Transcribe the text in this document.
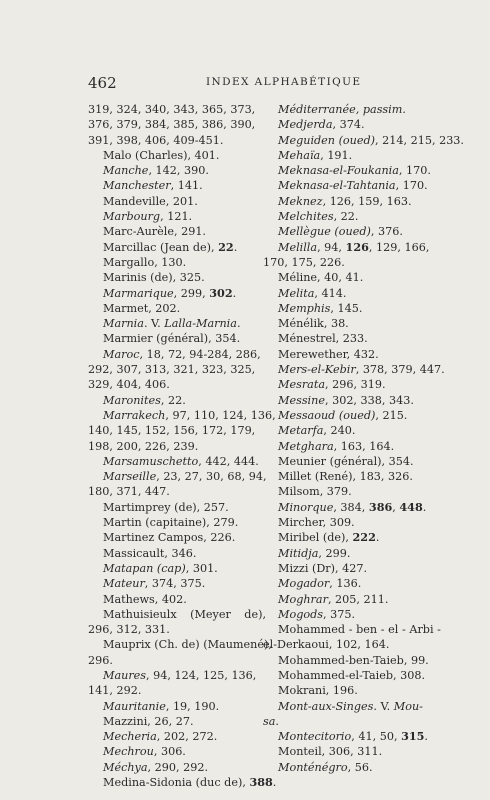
462	INDEX ALPHABÉTIQUE
319, 324, 340, 343, 365, 373,
376, 379, 384, 385, 386, 390,
391, 398, 406, 409-451.
Malo (Charles), 401.
Manche, 142, 390.
Manchester, 141.
Mandeville, 201.
Marbourg, 121.
Marc-Aurèle, 291.
Marcillac (Jean de), 22.
Margallo, 130.
Marinis (de), 325.
Marmarique, 299, 302.
Marmet, 202.
Marnia. V. Lalla-Marnia.
Marmier (général), 354.
Maroc, 18, 72, 94-284, 286,
292, 307, 313, 321, 323, 325,
329, 404, 406.
Maronites, 22.
Marrakech, 97, 110, 124, 136,
140, 145, 152, 156, 172, 179,
198, 200, 226, 239.
Marsamuschetto, 442, 444.
Marseille, 23, 27, 30, 68, 94,
180, 371, 447.
Martimprey (de), 257.
Martin (capitaine), 279.
Martinez Campos, 226.
Massicault, 346.
Matapan (cap), 301.
Mateur, 374, 375.
Mathews, 402.
Mathuisieulx (Meyer de),
296, 312, 331.
Mauprix (Ch. de) (Maumené),
296.
Maures, 94, 124, 125, 136,
141, 292.
Mauritanie, 19, 190.
Mazzini, 26, 27.
Mecheria, 202, 272.
Mechrou, 306.
Méchya, 290, 292.
Medina-Sidonia (duc de), 388.
Méditerranée, passim.
Medjerda, 374.
Meguiden (oued), 214, 215, 233.
Mehaïa, 191.
Meknasa-el-Foukania, 170.
Meknasa-el-Tahtania, 170.
Meknez, 126, 159, 163.
Melchites, 22.
Mellègue (oued), 376.
Melilla, 94, 126, 129, 166,
170, 175, 226.
Méline, 40, 41.
Melita, 414.
Memphis, 145.
Ménélik, 38.
Ménestrel, 233.
Merewether, 432.
Mers-el-Kebir, 378, 379, 447.
Mesrata, 296, 319.
Messine, 302, 338, 343.
Messaoud (oued), 215.
Metarfa, 240.
Metghara, 163, 164.
Meunier (général), 354.
Millet (René), 183, 326.
Milsom, 379.
Minorque, 384, 386, 448.
Mircher, 309.
Miribel (de), 222.
Mitidja, 299.
Mizzi (Dr), 427.
Mogador, 136.
Moghrar, 205, 211.
Mogods, 375.
Mohammed - ben - el - Arbi -
el-Derkaoui, 102, 164.
Mohammed-ben-Taieb, 99.
Mohammed-el-Taieb, 308.
Mokrani, 196.
Mont-aux-Singes. V. Mou-
sa.
Montecitorio, 41, 50, 315.
Monteil, 306, 311.
Monténégro, 56.
